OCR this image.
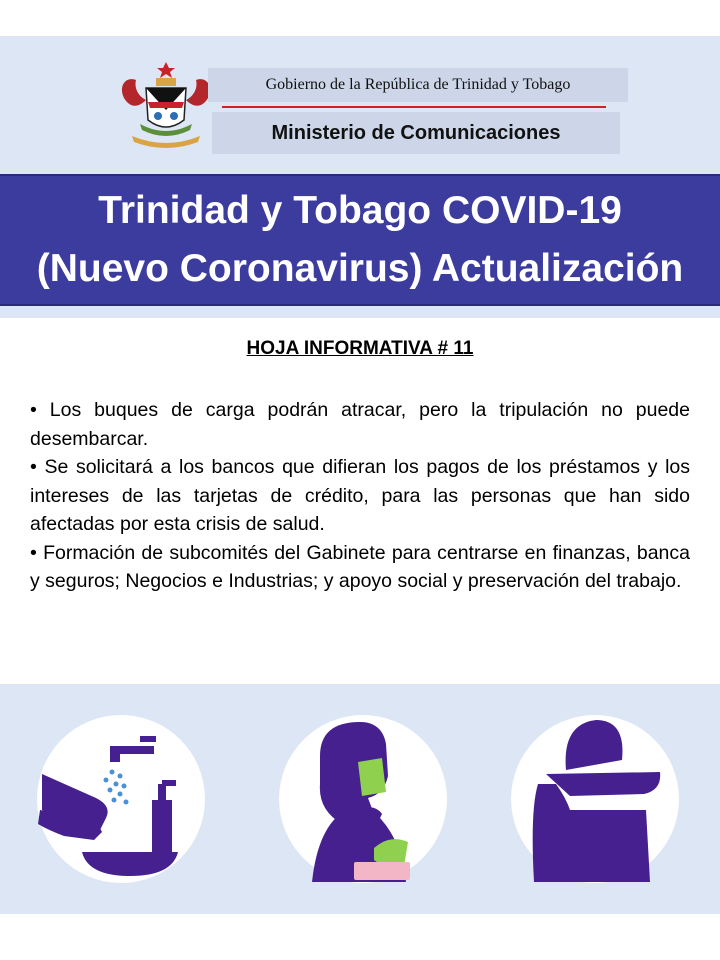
Gobierno de la República de Trinidad y Tobago
Ministerio de Comunicaciones
Trinidad y Tobago COVID-19
(Nuevo Coronavirus) Actualización
HOJA INFORMATIVA # 11

• Los buques de carga podrán atracar, pero la tripulación no puede desembarcar.

• Se solicitará a los bancos que difieran los pagos de los préstamos y los intereses de las tarjetas de crédito, para las personas que han sido afectadas por esta crisis de salud.

• Formación de subcomités del Gabinete para centrarse en finanzas, banca y seguros; Negocios e Industrias; y apoyo social y preservación del trabajo.
